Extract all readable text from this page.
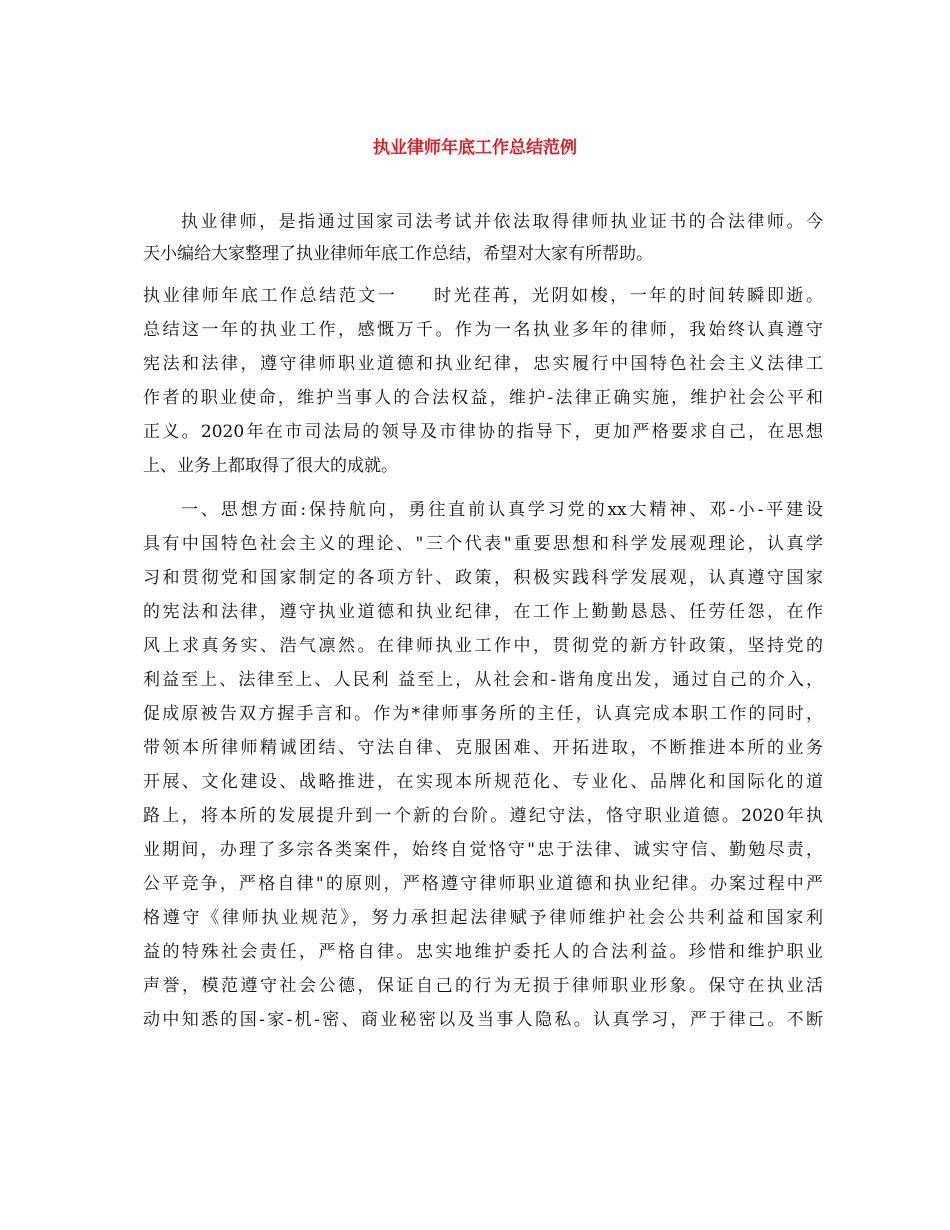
执业律师年底工作总结范例

执业律师，是指通过国家司法考试并依法取得律师执业证书的合法律师。今

天小编给大家整理了执业律师年底工作总结，希望对大家有所帮助。

执业律师年底工作总结范文一 时光荏苒，光阴如梭，一年的时间转瞬即逝。

总结这一年的执业工作，感慨万千。作为一名执业多年的律师，我始终认真遵守

宪法和法律，遵守律师职业道德和执业纪律，忠实履行中国特色社会主义法律工

作者的职业使命，维护当事人的合法权益，维护-法律正确实施，维护社会公平和

正义。2020年在市司法局的领导及市律协的指导下，更加严格要求自己，在思想

上、业务上都取得了很大的成就。

一、思想方面:保持航向，勇往直前认真学习党的xx大精神、邓-小-平建设

具有中国特色社会主义的理论、"三个代表"重要思想和科学发展观理论，认真学

习和贯彻党和国家制定的各项方针、政策，积极实践科学发展观，认真遵守国家

的宪法和法律，遵守执业道德和执业纪律，在工作上勤勤恳恳、任劳任怨，在作

风上求真务实、浩气凛然。在律师执业工作中，贯彻党的新方针政策，坚持党的

利益至上、法律至上、人民利 益至上，从社会和-谐角度出发，通过自己的介入，

促成原被告双方握手言和。作为*律师事务所的主任，认真完成本职工作的同时，

带领本所律师精诚团结、守法自律、克服困难、开拓进取，不断推进本所的业务

开展、文化建设、战略推进，在实现本所规范化、专业化、品牌化和国际化的道

路上，将本所的发展提升到一个新的台阶。遵纪守法，恪守职业道德。2020年执

业期间，办理了多宗各类案件，始终自觉恪守"忠于法律、诚实守信、勤勉尽责，

公平竞争，严格自律"的原则，严格遵守律师职业道德和执业纪律。办案过程中严

格遵守《律师执业规范》，努力承担起法律赋予律师维护社会公共利益和国家利

益的特殊社会责任，严格自律。忠实地维护委托人的合法利益。珍惜和维护职业

声誉，模范遵守社会公德，保证自己的行为无损于律师职业形象。保守在执业活

动中知悉的国-家-机-密、商业秘密以及当事人隐私。认真学习，严于律己。不断
